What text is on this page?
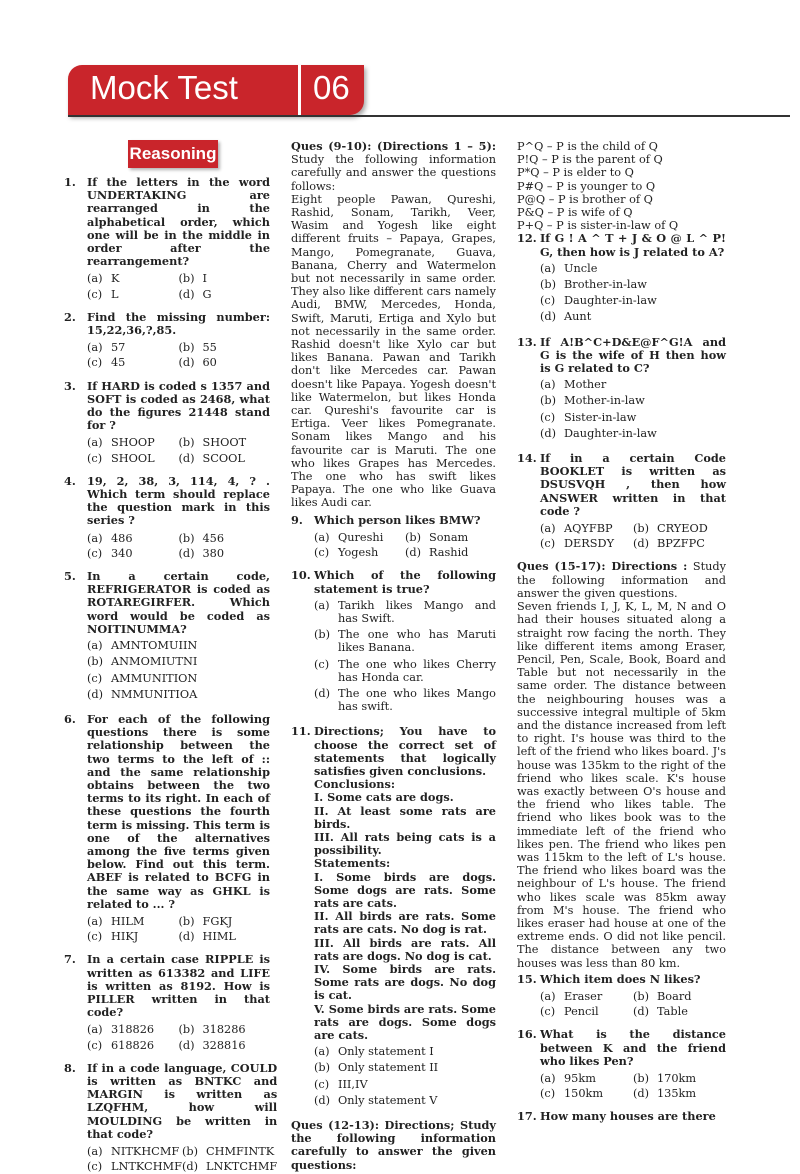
Mock Test 06
Reasoning
1. If the letters in the word UNDERTAKING are rearranged in the alphabetical order, which one will be in the middle in order after the rearrangement?
(a) K	(b) I
(c) L	(d) G
2. Find the missing number: 15,22,36,?,85.
(a) 57	(b) 55
(c) 45	(d) 60
3. If HARD is coded s 1357 and SOFT is coded as 2468, what do the figures 21448 stand for ?
(a) SHOOP (b) SHOOT
(c) SHOOL (d) SCOOL
4. 19, 2, 38, 3, 114, 4, ? . Which term should replace the question mark in this series ?
(a) 486	(b) 456
(c) 340	(d) 380
5. In a certain code, REFRIGERATOR is coded as ROTAREGIRFER. Which word would be coded as NOITINUMMA?
(a) AMNTOMUIIN
(b) ANMOMIUTNI
(c) AMMUNITION
(d) NMMUNITIOA
6. For each of the following questions there is some relationship between the two terms to the left of :: and the same relationship obtains between the two terms to its right. In each of these questions the fourth term is missing. This term is one of the alternatives among the five terms given below. Find out this term. ABEF is related to BCFG in the same way as GHKL is related to ... ?
(a) HILM	(b) FGKJ
(c) HIKJ	(d) HIML
7. In a certain case RIPPLE is written as 613382 and LIFE is written as 8192. How is PILLER written in that code?
(a) 318826 (b) 318286
(c) 618826 (d) 328816
8. If in a code language, COULD is written as BNTKC and MARGIN is written as LZQFHM, how will MOULDING be written in that code?
(a) NITKHCMF (b) CHMFINTK
(c) LNTKCHMF (d) LNKTCHMF
Ques (9-10): (Directions 1 – 5): Study the following information carefully and answer the questions follows:
Eight people Pawan, Qureshi, Rashid, Sonam, Tarikh, Veer, Wasim and Yogesh like eight different fruits – Papaya, Grapes, Mango, Pomegranate, Guava, Banana, Cherry and Watermelon but not necessarily in same order. They also like different cars namely Audi, BMW, Mercedes, Honda, Swift, Maruti, Ertiga and Xylo but not necessarily in the same order. Rashid doesn't like Xylo car but likes Banana. Pawan and Tarikh don't like Mercedes car. Pawan doesn't like Papaya. Yogesh doesn't like Watermelon, but likes Honda car. Qureshi's favourite car is Ertiga. Veer likes Pomegranate. Sonam likes Mango and his favourite car is Maruti. The one who likes Grapes has Mercedes. The one who has swift likes Papaya. The one who like Guava likes Audi car.
9. Which person likes BMW?
(a) Qureshi (b) Sonam
(c) Yogesh (d) Rashid
10. Which of the following statement is true?
(a) Tarikh likes Mango and has Swift.
(b) The one who has Maruti likes Banana.
(c) The one who likes Cherry has Honda car.
(d) The one who likes Mango has swift.
11. Directions; You have to choose the correct set of statements that logically satisfies given conclusions.
Conclusions:
I. Some cats are dogs.
II. At least some rats are birds.
III. All rats being cats is a possibility.
Statements:
I. Some birds are dogs. Some dogs are rats. Some rats are cats.
II. All birds are rats. Some rats are cats. No dog is rat.
III. All birds are rats. All rats are dogs. No dog is cat.
IV. Some birds are rats. Some rats are dogs. No dog is cat.
V. Some birds are rats. Some rats are dogs. Some dogs are cats.
(a) Only statement I
(b) Only statement II
(c) III,IV
(d) Only statement V
Ques (12-13): Directions; Study the following information carefully to answer the given questions:
P^Q – P is the child of Q
P!Q – P is the parent of Q
P*Q – P is elder to Q
P#Q – P is younger to Q
P@Q – P is brother of Q
P&Q – P is wife of Q
P+Q – P is sister-in-law of Q
12. If G ! A ^ T + J & O @ L ^ P! G, then how is J related to A?
(a) Uncle
(b) Brother-in-law
(c) Daughter-in-law
(d) Aunt
13. If A!B^C+D&E@F^G!A and G is the wife of H then how is G related to C?
(a) Mother
(b) Mother-in-law
(c) Sister-in-law
(d) Daughter-in-law
14. If in a certain Code BOOKLET is written as DSUSVQH , then how ANSWER written in that code ?
(a) AQYFBP (b) CRYEOD
(c) DERSDY (d) BPZFPC
Ques (15-17): Directions : Study the following information and answer the given questions.
Seven friends I, J, K, L, M, N and O had their houses situated along a straight row facing the north. They like different items among Eraser, Pencil, Pen, Scale, Book, Board and Table but not necessarily in the same order. The distance between the neighbouring houses was a successive integral multiple of 5km and the distance increased from left to right. I's house was third to the left of the friend who likes board. J's house was 135km to the right of the friend who likes scale. K's house was exactly between O's house and the friend who likes table. The friend who likes book was to the immediate left of the friend who likes pen. The friend who likes pen was 115km to the left of L's house. The friend who likes board was the neighbour of L's house. The friend who likes scale was 85km away from M's house. The friend who likes eraser had house at one of the extreme ends. O did not like pencil. The distance between any two houses was less than 80 km.
15. Which item does N likes?
(a) Eraser	(b) Board
(c) Pencil	(d) Table
16. What is the distance between K and the friend who likes Pen?
(a) 95km	(b) 170km
(c) 150km	(d) 135km
17. How many houses are there
